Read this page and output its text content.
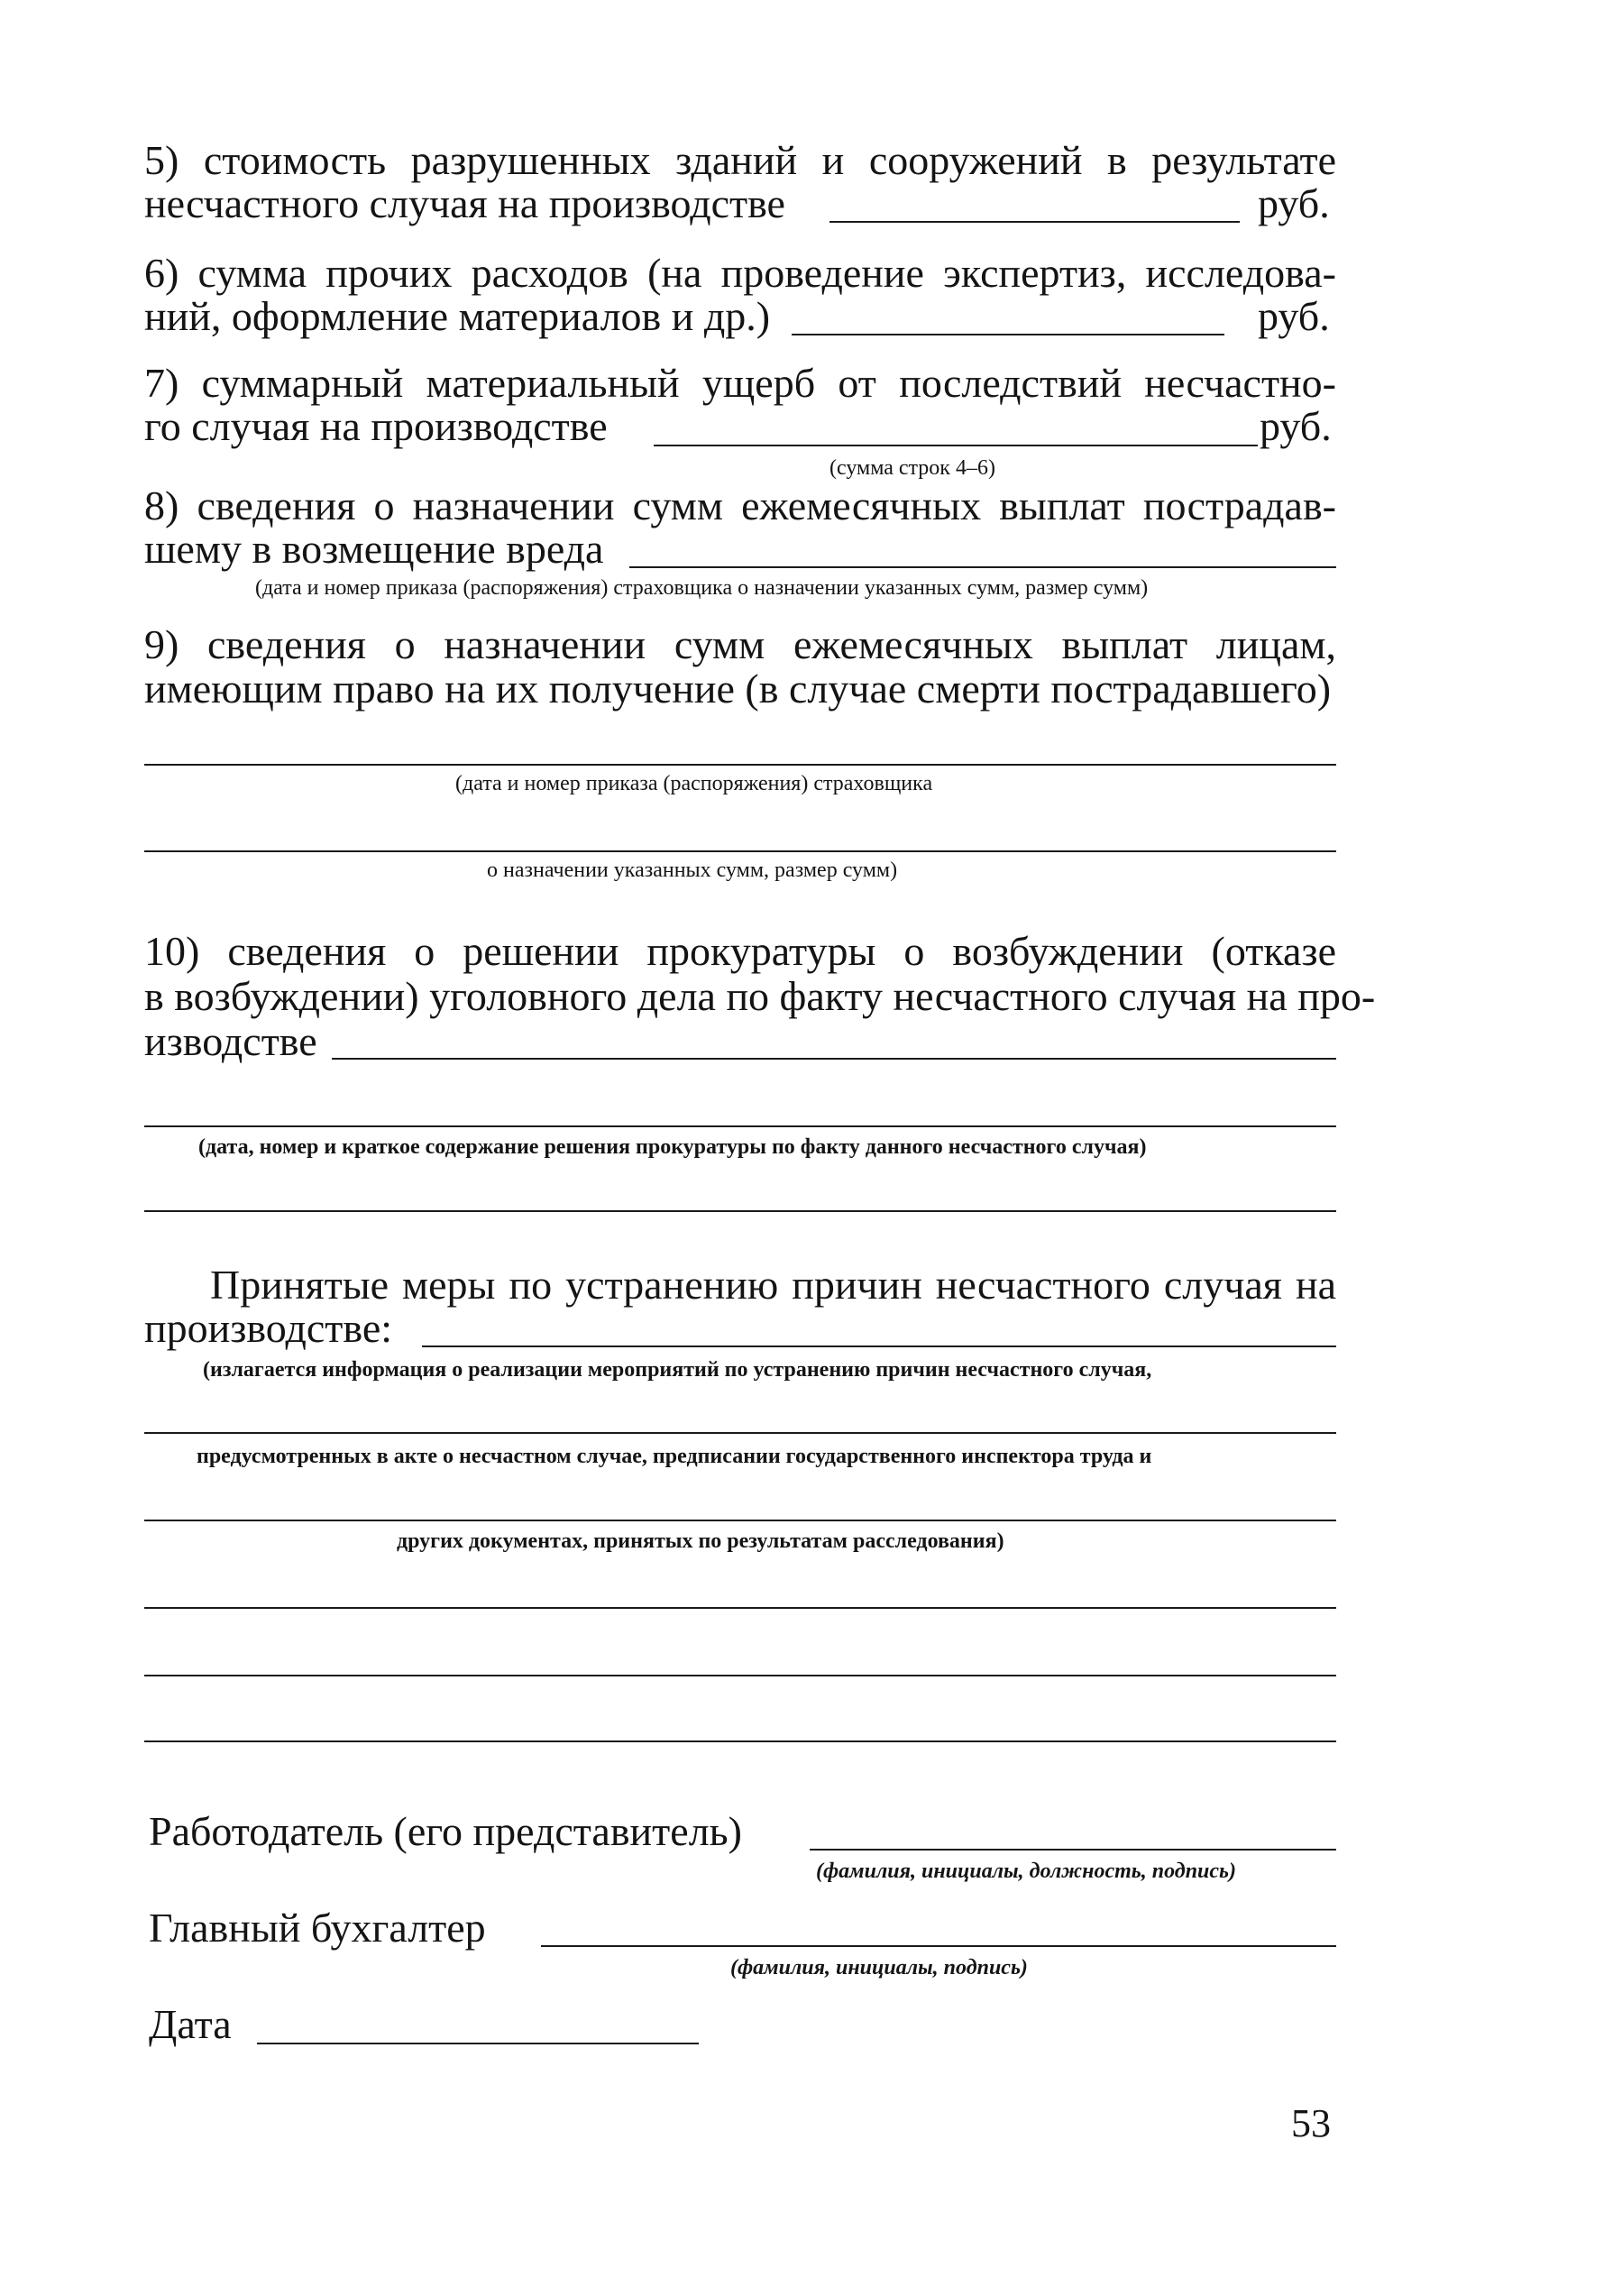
5) стоимость разрушенных зданий и сооружений в результате
несчастного случая на производстве	руб.
6) сумма прочих расходов (на проведение экспертиз, исследова-
ний, оформление материалов и др.)	руб.
7) суммарный материальный ущерб от последствий несчастно-
го случая на производстве	руб.
(сумма строк 4–6)
8) сведения о назначении сумм ежемесячных выплат пострадав-
шему в возмещение вреда
(дата и номер приказа (распоряжения) страховщика о назначении указанных сумм, размер сумм)
9) сведения о назначении сумм ежемесячных выплат лицам,
имеющим право на их получение (в случае смерти пострадавшего)
(дата и номер приказа (распоряжения) страховщика
о назначении указанных сумм, размер сумм)
10) сведения о решении прокуратуры о возбуждении (отказе
в возбуждении) уголовного дела по факту несчастного случая на про-
изводстве
(дата, номер и краткое содержание решения прокуратуры по факту данного несчастного случая)
Принятые меры по устранению причин несчастного случая на
производстве:
(излагается информация о реализации мероприятий по устранению причин несчастного случая,
предусмотренных в акте о несчастном случае, предписании государственного инспектора труда и
других документах, принятых по результатам расследования)
Работодатель (его представитель)
(фамилия, инициалы, должность, подпись)
Главный бухгалтер
(фамилия, инициалы, подпись)
Дата
53
